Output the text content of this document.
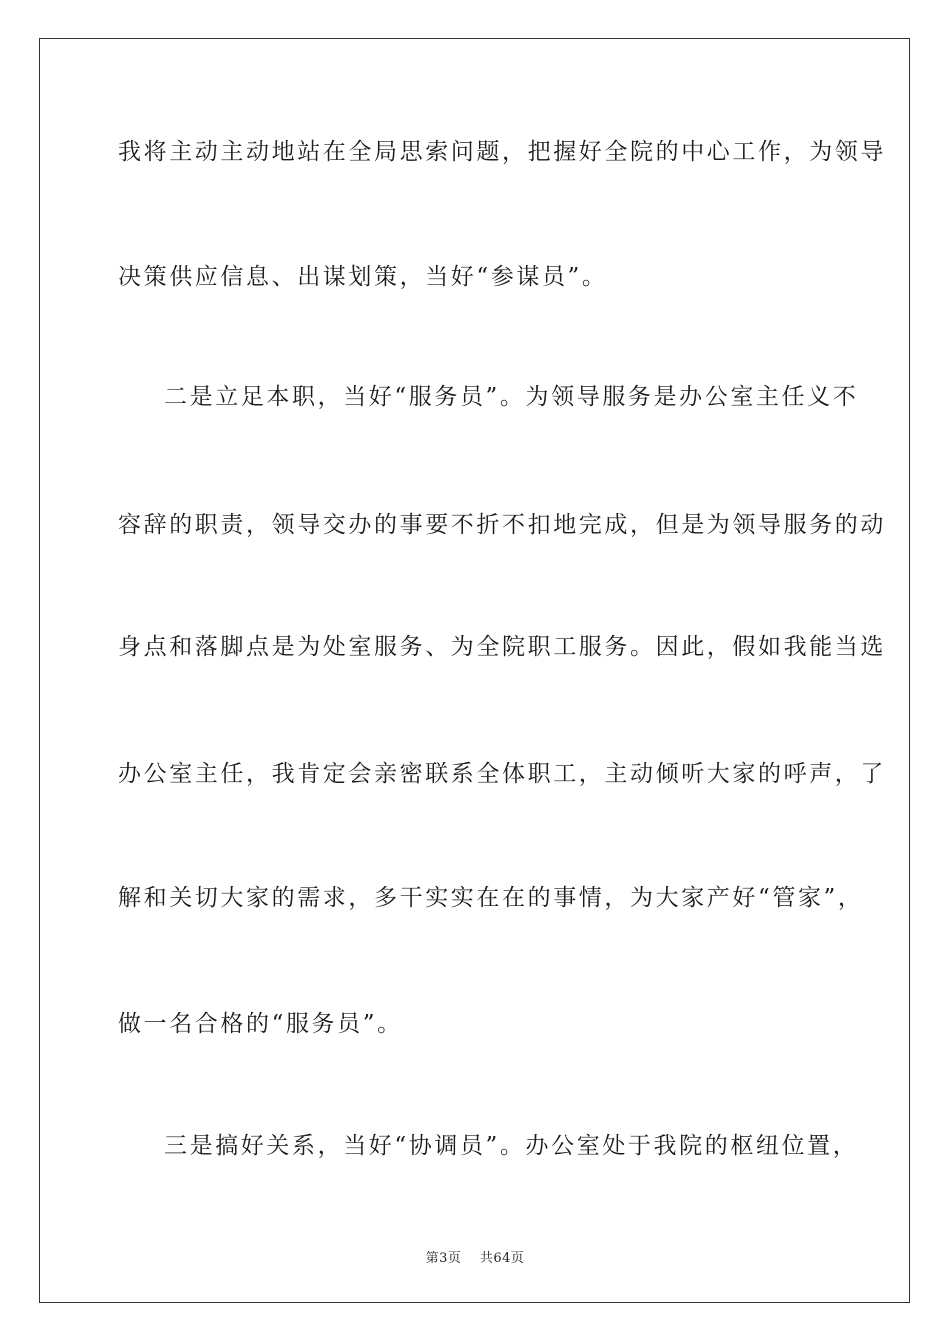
我将主动主动地站在全局思索问题，把握好全院的中心工作，为领导
决策供应信息、出谋划策，当好“参谋员”。
二是立足本职，当好“服务员”。为领导服务是办公室主任义不
容辞的职责，领导交办的事要不折不扣地完成，但是为领导服务的动
身点和落脚点是为处室服务、为全院职工服务。因此，假如我能当选
办公室主任，我肯定会亲密联系全体职工，主动倾听大家的呼声，了
解和关切大家的需求，多干实实在在的事情，为大家产好“管家”，
做一名合格的“服务员”。
三是搞好关系，当好“协调员”。办公室处于我院的枢纽位置，
第3页 共64页
